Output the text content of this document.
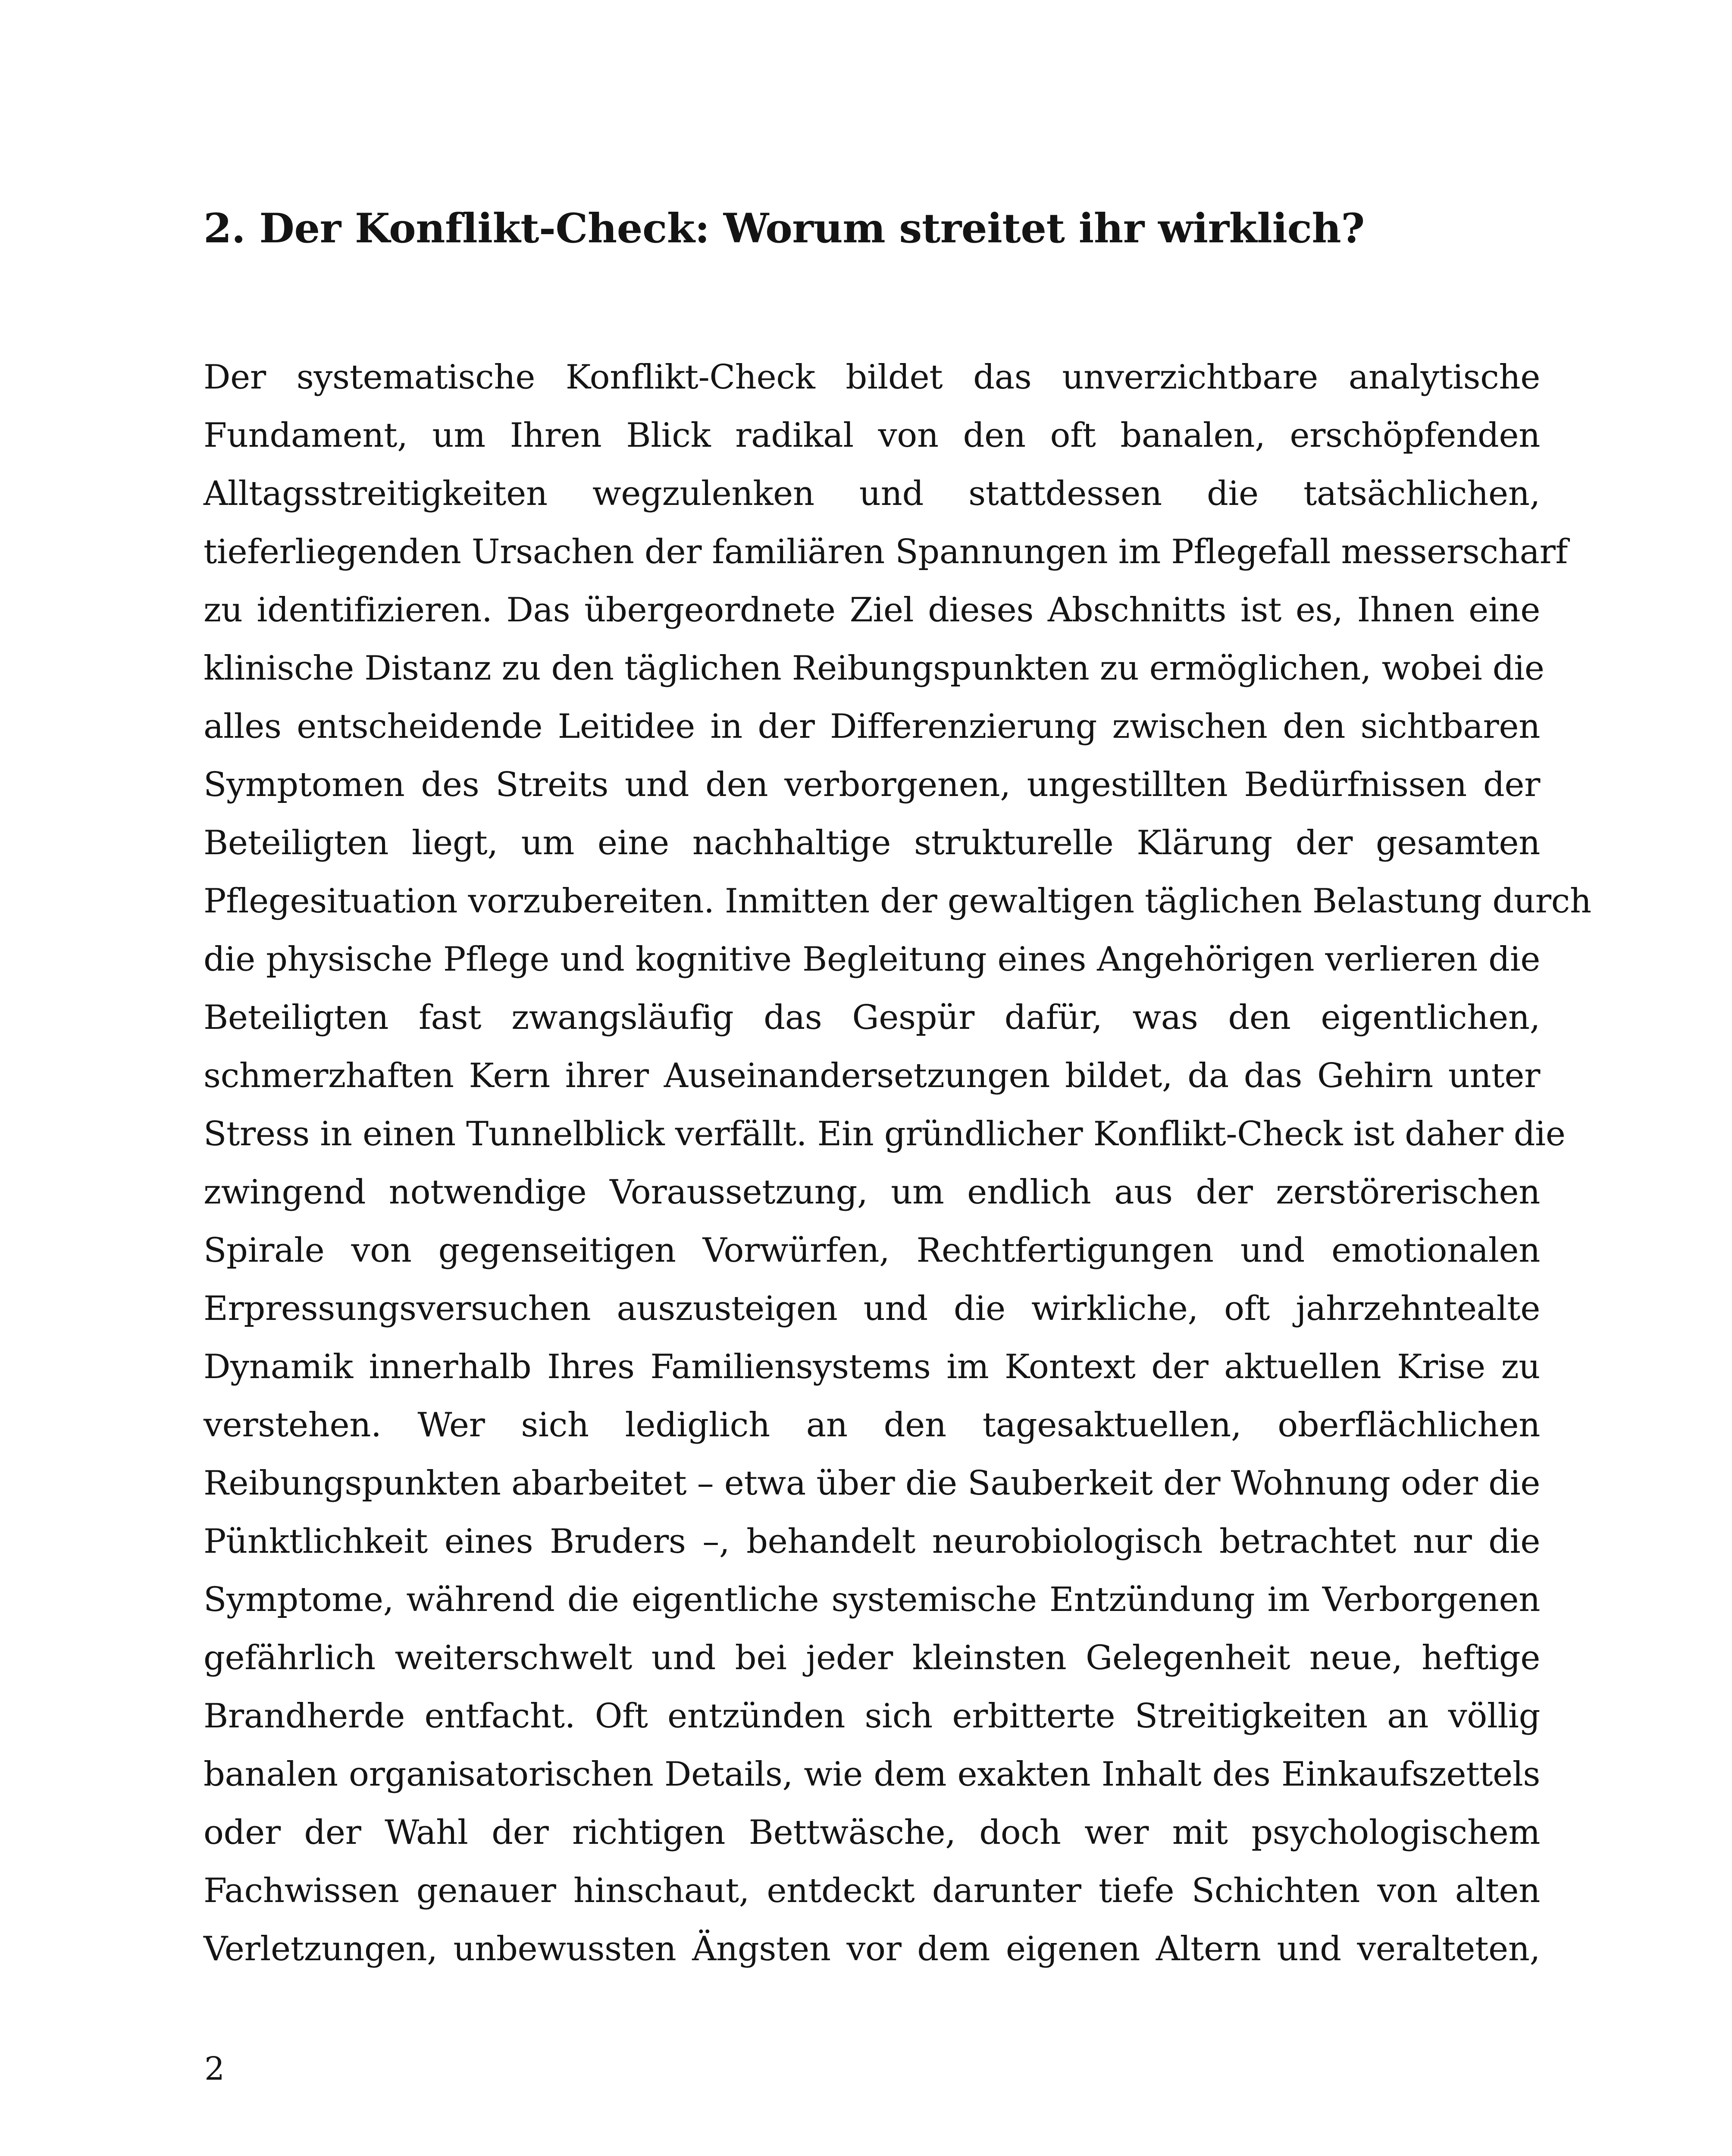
2. Der Konflikt-Check: Worum streitet ihr wirklich?
Der systematische Konflikt-Check bildet das unverzichtbare analytische
Fundament, um Ihren Blick radikal von den oft banalen, erschöpfenden
Alltagsstreitigkeiten wegzulenken und stattdessen die tatsächlichen,
tieferliegenden Ursachen der familiären Spannungen im Pflegefall messerscharf
zu identifizieren. Das übergeordnete Ziel dieses Abschnitts ist es, Ihnen eine
klinische Distanz zu den täglichen Reibungspunkten zu ermöglichen, wobei die
alles entscheidende Leitidee in der Differenzierung zwischen den sichtbaren
Symptomen des Streits und den verborgenen, ungestillten Bedürfnissen der
Beteiligten liegt, um eine nachhaltige strukturelle Klärung der gesamten
Pflegesituation vorzubereiten. Inmitten der gewaltigen täglichen Belastung durch
die physische Pflege und kognitive Begleitung eines Angehörigen verlieren die
Beteiligten fast zwangsläufig das Gespür dafür, was den eigentlichen,
schmerzhaften Kern ihrer Auseinandersetzungen bildet, da das Gehirn unter
Stress in einen Tunnelblick verfällt. Ein gründlicher Konflikt-Check ist daher die
zwingend notwendige Voraussetzung, um endlich aus der zerstörerischen
Spirale von gegenseitigen Vorwürfen, Rechtfertigungen und emotionalen
Erpressungsversuchen auszusteigen und die wirkliche, oft jahrzehntealte
Dynamik innerhalb Ihres Familiensystems im Kontext der aktuellen Krise zu
verstehen. Wer sich lediglich an den tagesaktuellen, oberflächlichen
Reibungspunkten abarbeitet – etwa über die Sauberkeit der Wohnung oder die
Pünktlichkeit eines Bruders –, behandelt neurobiologisch betrachtet nur die
Symptome, während die eigentliche systemische Entzündung im Verborgenen
gefährlich weiterschwelt und bei jeder kleinsten Gelegenheit neue, heftige
Brandherde entfacht. Oft entzünden sich erbitterte Streitigkeiten an völlig
banalen organisatorischen Details, wie dem exakten Inhalt des Einkaufszettels
oder der Wahl der richtigen Bettwäsche, doch wer mit psychologischem
Fachwissen genauer hinschaut, entdeckt darunter tiefe Schichten von alten
Verletzungen, unbewussten Ängsten vor dem eigenen Altern und veralteten,
2
